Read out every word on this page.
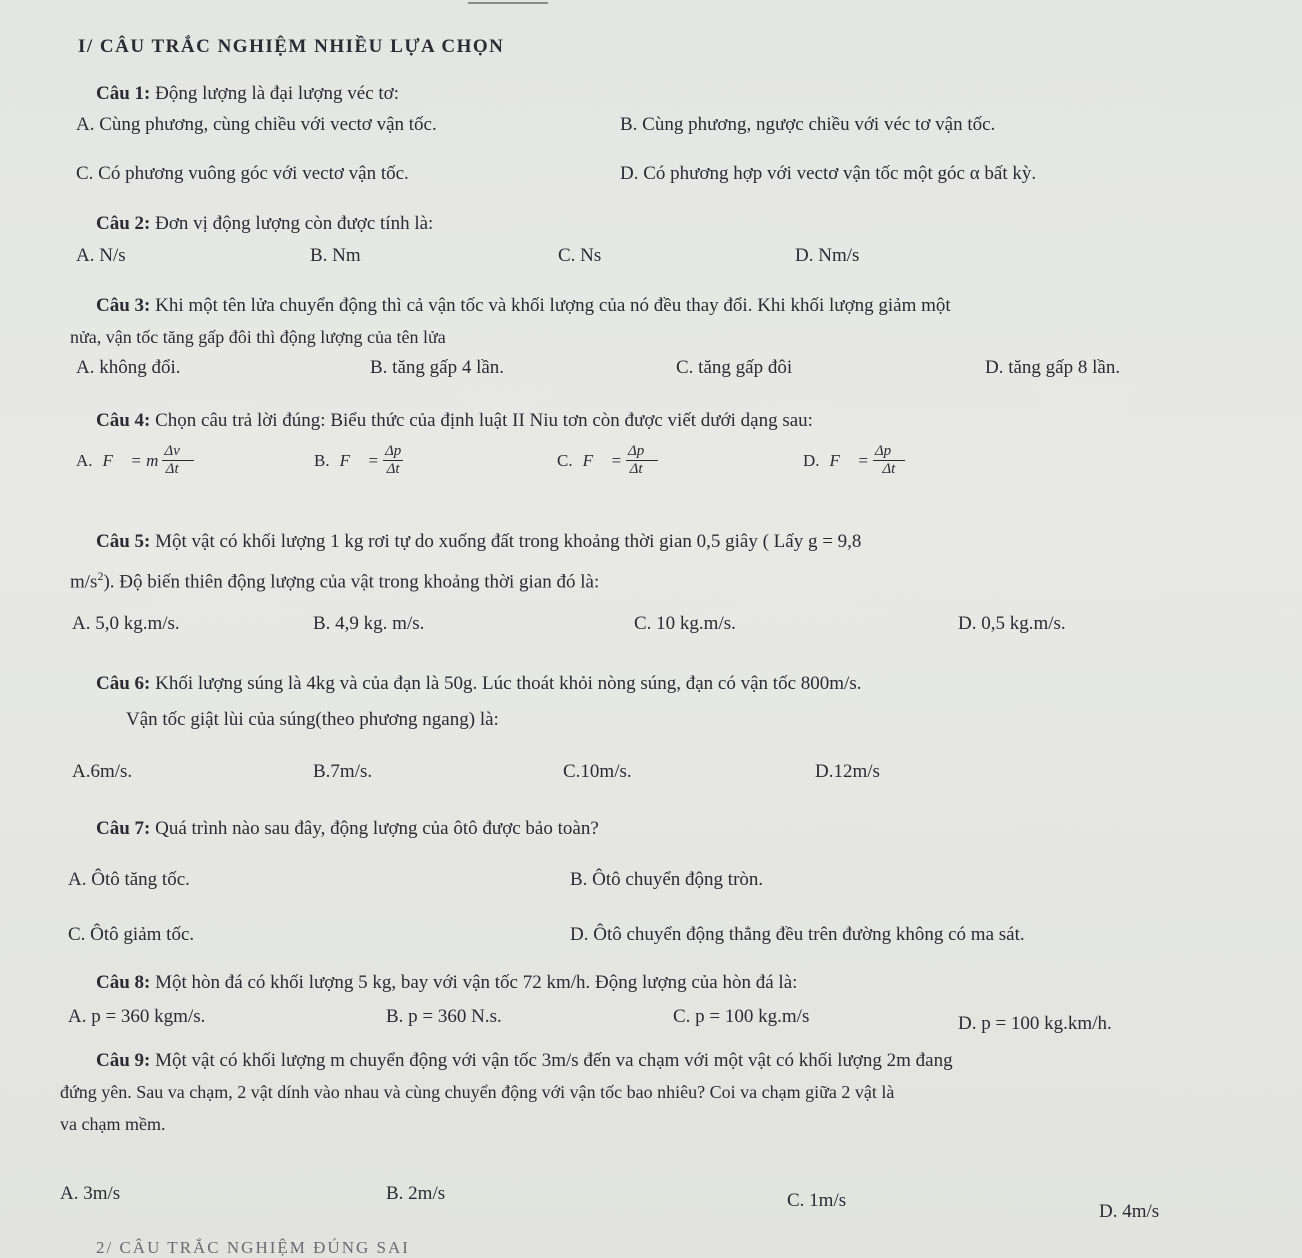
I/ CÂU TRẮC NGHIỆM NHIỀU LỰA CHỌN
Câu 1: Động lượng là đại lượng véc tơ:
A. Cùng phương, cùng chiều với vectơ vận tốc.	B. Cùng phương, ngược chiều với véc tơ vận tốc.
C. Có phương vuông góc với vectơ vận tốc.	D. Có phương hợp với vectơ vận tốc một góc α bất kỳ.
Câu 2: Đơn vị động lượng còn được tính là:
A. N/s	B. Nm	C. Ns	D. Nm/s
Câu 3: Khi một tên lửa chuyển động thì cả vận tốc và khối lượng của nó đều thay đổi. Khi khối lượng giảm một
nửa, vận tốc tăng gấp đôi thì động lượng của tên lửa
A. không đổi.	B. tăng gấp 4 lần.	C. tăng gấp đôi	D. tăng gấp 8 lần.
Câu 4: Chọn câu trả lời đúng: Biểu thức của định luật II Niu tơn còn được viết dưới dạng sau:
A. F⃗ = m $\frac{\Delta v⃗}{\Delta t⃗}$	B. F⃗ = $\frac{\Delta p}{\Delta t}$	C. F⃗ = $\frac{\Delta p⃗}{\Delta t⃗}$	D. F⃗ = $\frac{\Delta p⃗}{\Delta t}$
Câu 5: Một vật có khối lượng 1 kg rơi tự do xuống đất trong khoảng thời gian 0,5 giây ( Lấy g = 9,8
$m/s^2$). Độ biến thiên động lượng của vật trong khoảng thời gian đó là:
A. 5,0 kg.m/s.	B. 4,9 kg. m/s.	C. 10 kg.m/s.	D. 0,5 kg.m/s.
Câu 6: Khối lượng súng là 4kg và của đạn là 50g. Lúc thoát khỏi nòng súng, đạn có vận tốc 800m/s.
Vận tốc giật lùi của súng(theo phương ngang) là:
A.6m/s.	B.7m/s.	C.10m/s.	D.12m/s
Câu 7: Quá trình nào sau đây, động lượng của ôtô được bảo toàn?
A. Ôtô tăng tốc.	B. Ôtô chuyển động tròn.
C. Ôtô giảm tốc.	D. Ôtô chuyển động thẳng đều trên đường không có ma sát.
Câu 8: Một hòn đá có khối lượng 5 kg, bay với vận tốc 72 km/h. Động lượng của hòn đá là:
A. p = 360 kgm/s.	B. p = 360 N.s.	C. p = 100 kg.m/s	D. p = 100 kg.km/h.
Câu 9: Một vật có khối lượng m chuyển động với vận tốc 3m/s đến va chạm với một vật có khối lượng 2m đang
đứng yên. Sau va chạm, 2 vật dính vào nhau và cùng chuyển động với vận tốc bao nhiêu? Coi va chạm giữa 2 vật là
va chạm mềm.
A. 3m/s	B. 2m/s	C. 1m/s
D. 4m/s
2/ CÂU TRẮC NGHIỆM ĐÚNG SAI
